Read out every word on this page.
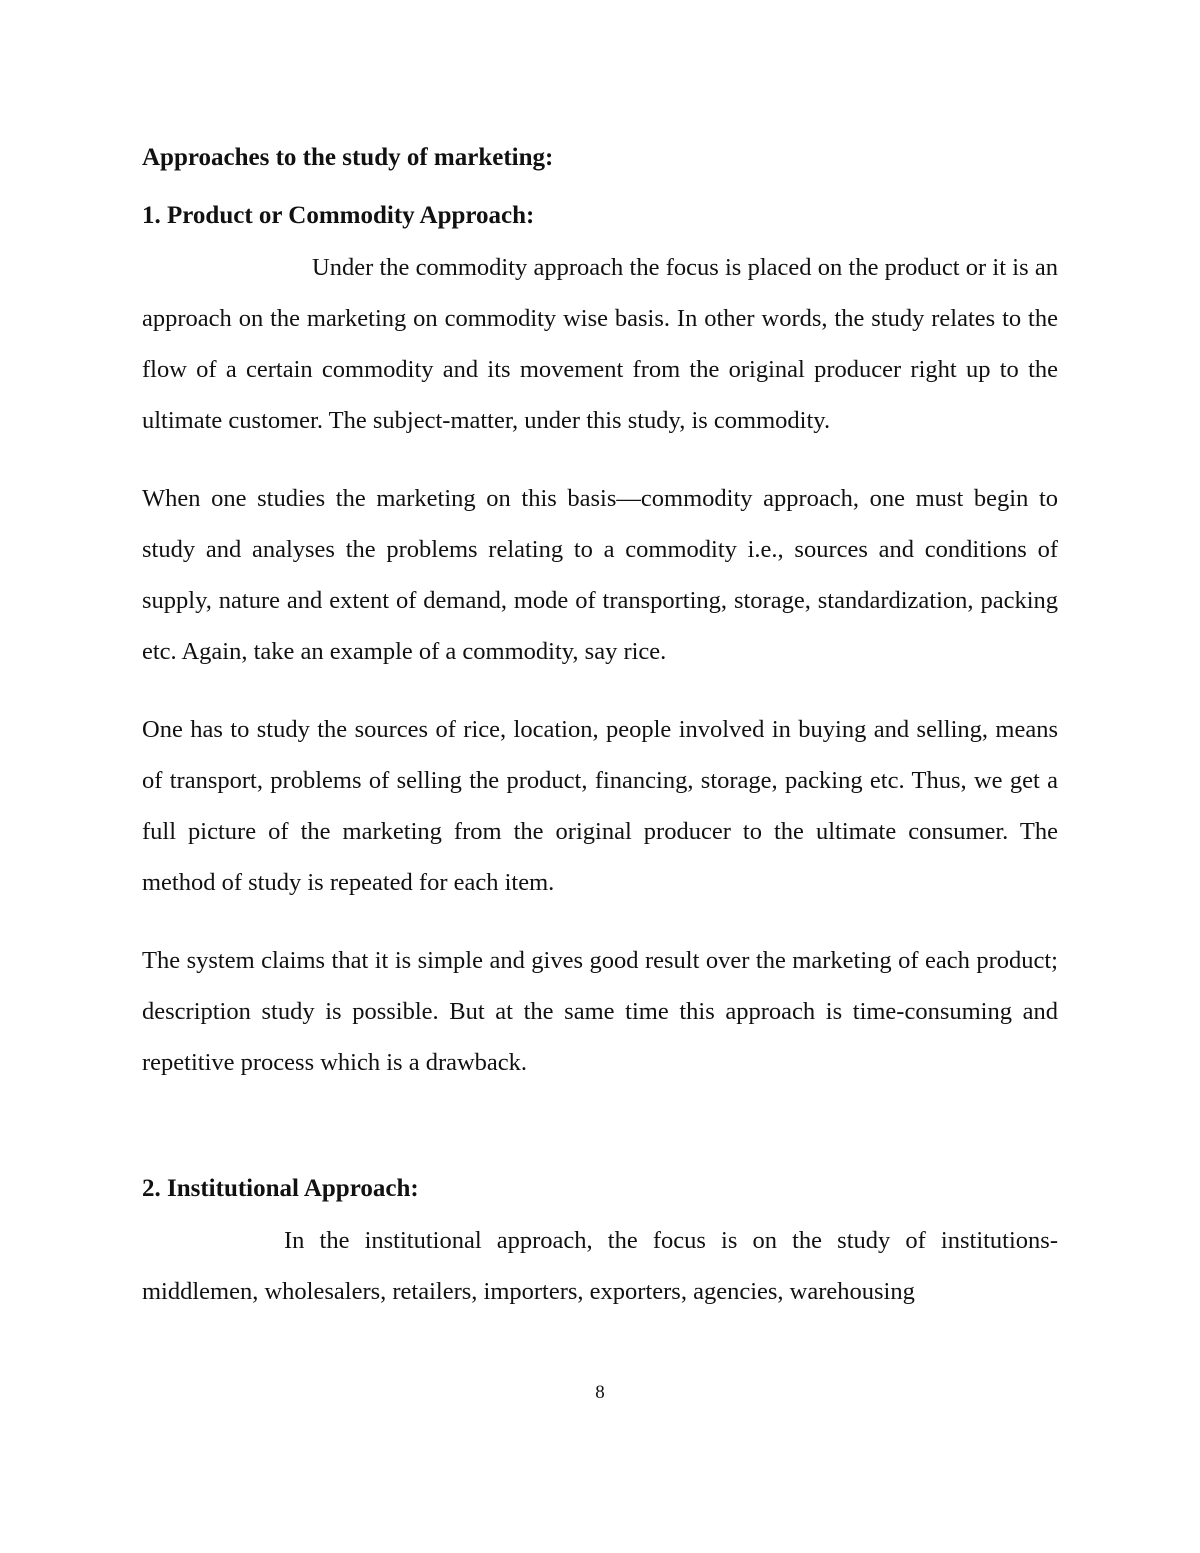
Approaches to the study of marketing:

1. Product or Commodity Approach:

Under the commodity approach the focus is placed on the product or it is an approach on the marketing on commodity wise basis. In other words, the study relates to the flow of a certain commodity and its movement from the original producer right up to the ultimate customer. The subject-matter, under this study, is commodity.

When one studies the marketing on this basis—commodity approach, one must begin to study and analyses the problems relating to a commodity i.e., sources and conditions of supply, nature and extent of demand, mode of transporting, storage, standardization, packing etc. Again, take an example of a commodity, say rice.

One has to study the sources of rice, location, people involved in buying and selling, means of transport, problems of selling the product, financing, storage, packing etc. Thus, we get a full picture of the marketing from the original producer to the ultimate consumer. The method of study is repeated for each item.

The system claims that it is simple and gives good result over the marketing of each product; description study is possible. But at the same time this approach is time-consuming and repetitive process which is a drawback.

2. Institutional Approach:

In the institutional approach, the focus is on the study of institutions-middlemen, wholesalers, retailers, importers, exporters, agencies, warehousing

8
